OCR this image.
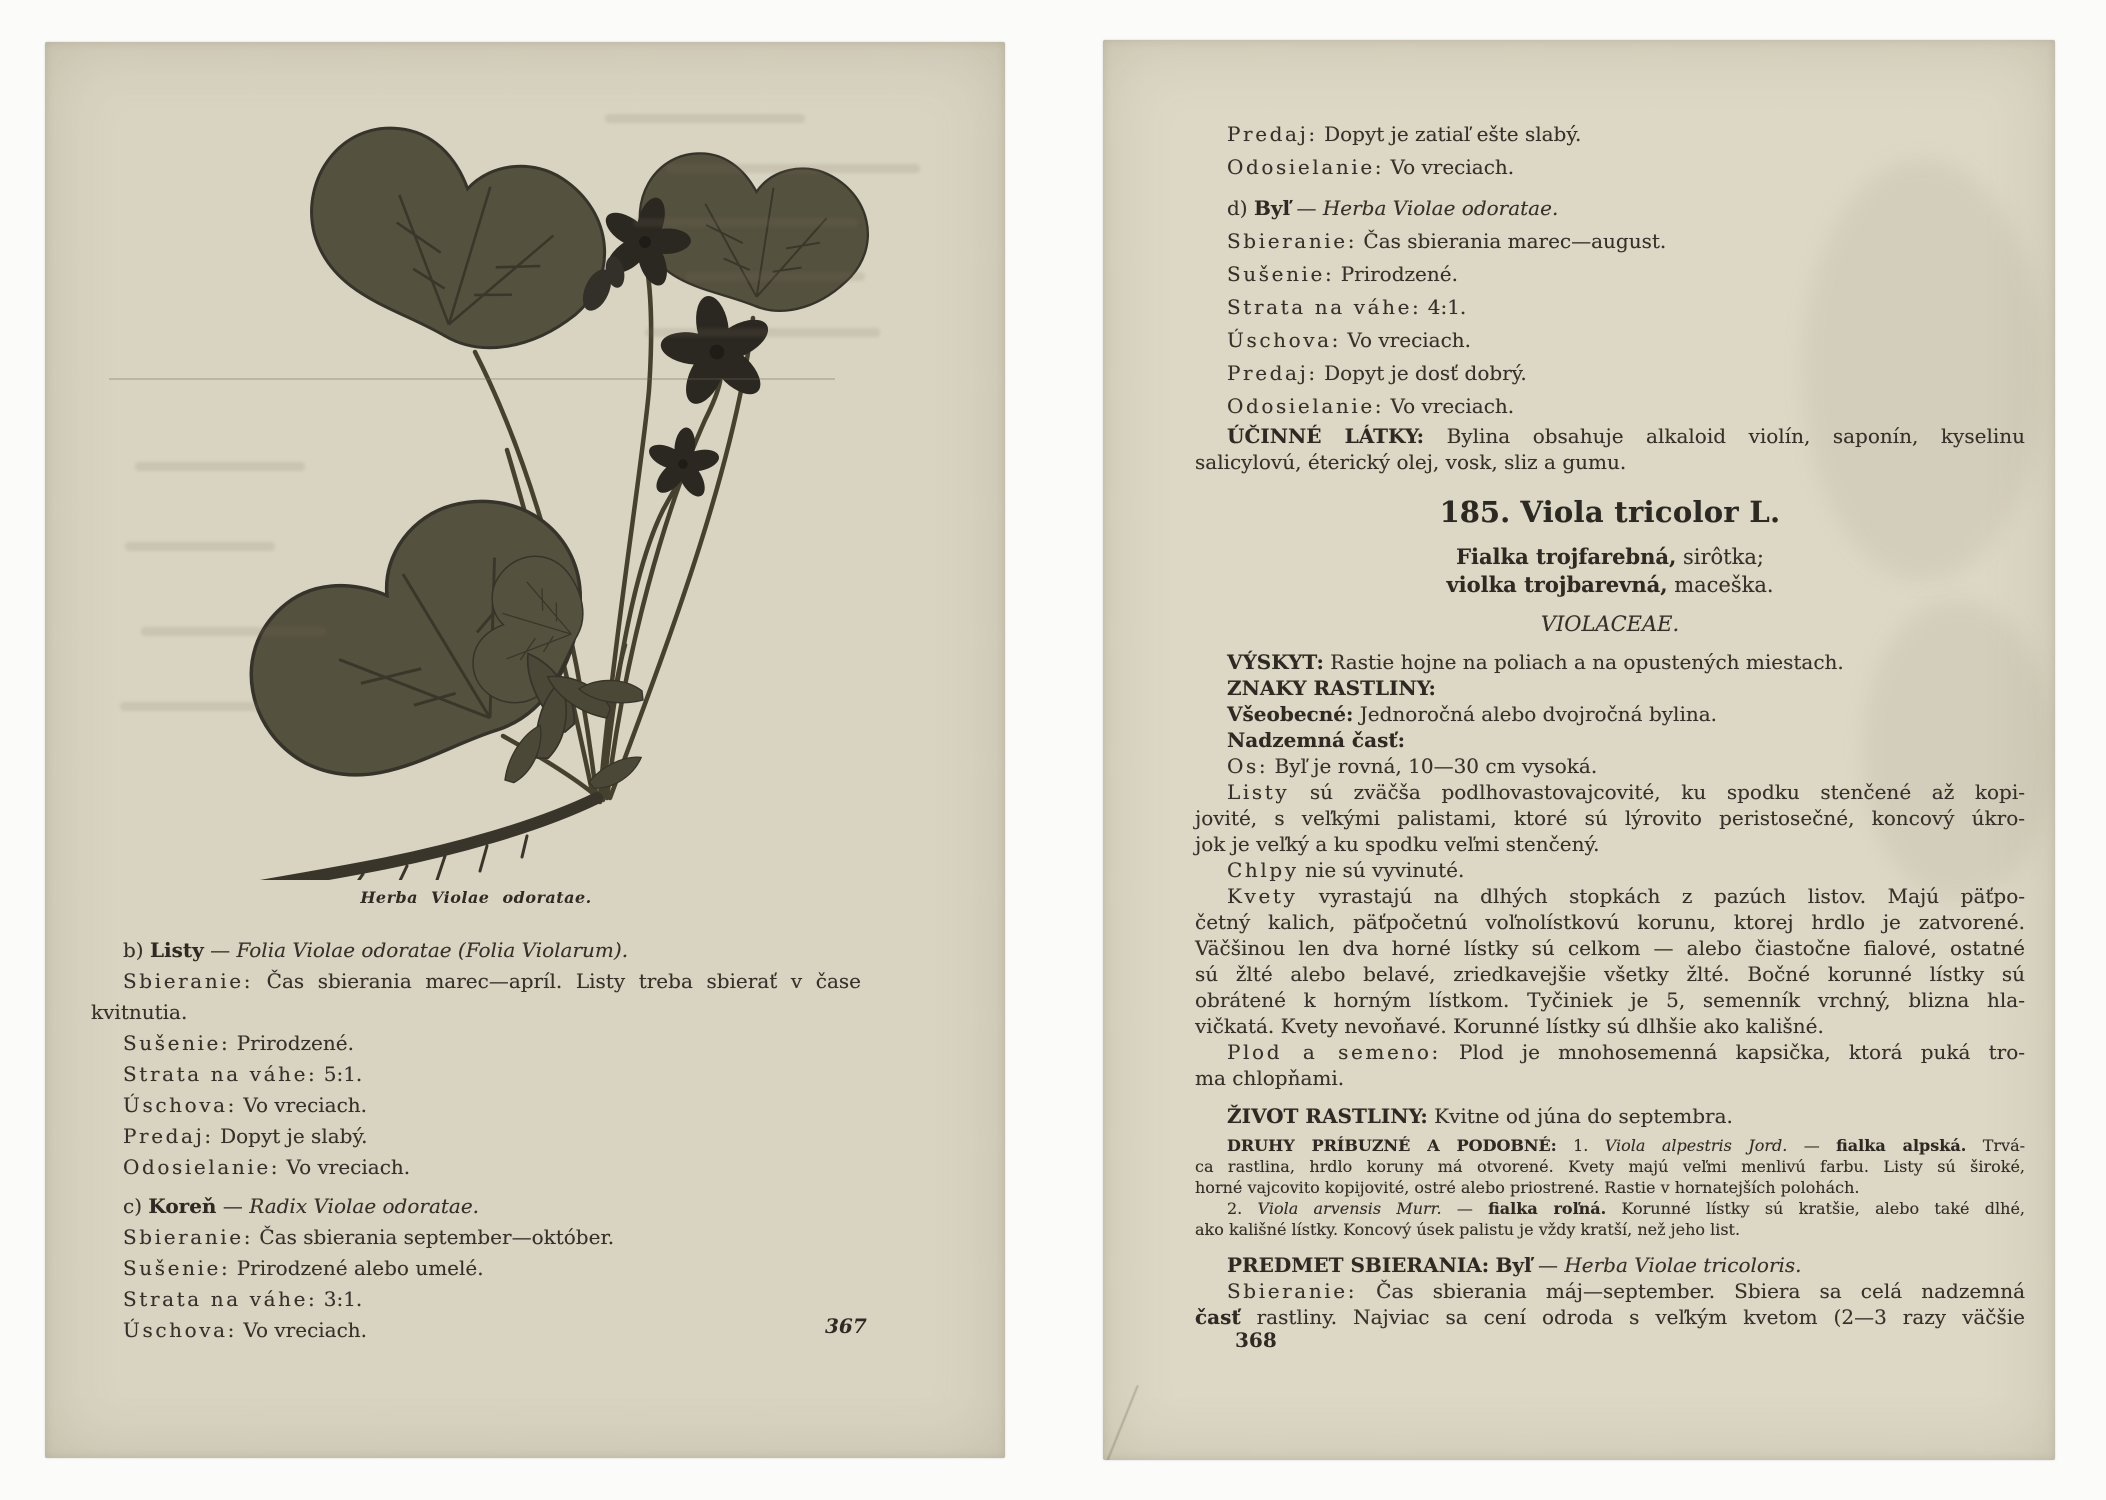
Herba Violae odoratae.
b) Listy — Folia Violae odoratae (Folia Violarum).
Sbieranie: Čas sbierania marec—apríl. Listy treba sbierať v čase
kvitnutia.
Sušenie: Prirodzené.
Strata na váhe: 5:1.
Úschova: Vo vreciach.
Predaj: Dopyt je slabý.
Odosielanie: Vo vreciach.
c) Koreň — Radix Violae odoratae.
Sbieranie: Čas sbierania september—október.
Sušenie: Prirodzené alebo umelé.
Strata na váhe: 3:1.
Úschova: Vo vreciach.	367
Predaj: Dopyt je zatiaľ ešte slabý.
Odosielanie: Vo vreciach.
d) Byľ — Herba Violae odoratae.
Sbieranie: Čas sbierania marec—august.
Sušenie: Prirodzené.
Strata na váhe: 4:1.
Úschova: Vo vreciach.
Predaj: Dopyt je dosť dobrý.
Odosielanie: Vo vreciach.
ÚČINNÉ LÁTKY: Bylina obsahuje alkaloid violín, saponín, kyselinu
salicylovú, éterický olej, vosk, sliz a gumu.
185. Viola tricolor L.
Fialka trojfarebná, sirôtka;
violka trojbarevná, maceška.
VIOLACEAE.
VÝSKYT: Rastie hojne na poliach a na opustených miestach.
ZNAKY RASTLINY:
Všeobecné: Jednoročná alebo dvojročná bylina.
Nadzemná časť:
Os: Byľ je rovná, 10—30 cm vysoká.
Listy sú zväčša podlhovastovajcovité, ku spodku stenčené až kopi-
jovité, s veľkými palistami, ktoré sú lýrovito peristosečné, koncový úkro-
jok je veľký a ku spodku veľmi stenčený.
Chlpy nie sú vyvinuté.
Kvety vyrastajú na dlhých stopkách z pazúch listov. Majú päťpo-
četný kalich, päťpočetnú voľnolístkovú korunu, ktorej hrdlo je zatvorené.
Väčšinou len dva horné lístky sú celkom — alebo čiastočne fialové, ostatné
sú žlté alebo belavé, zriedkavejšie všetky žlté. Bočné korunné lístky sú
obrátené k horným lístkom. Tyčiniek je 5, semenník vrchný, blizna hla-
vičkatá. Kvety nevoňavé. Korunné lístky sú dlhšie ako kališné.
Plod a semeno: Plod je mnohosemenná kapsička, ktorá puká tro-
ma chlopňami.
ŽIVOT RASTLINY: Kvitne od júna do septembra.
DRUHY PRÍBUZNÉ A PODOBNÉ: 1. Viola alpestris Jord. — fialka alpská. Trvá-
ca rastlina, hrdlo koruny má otvorené. Kvety majú veľmi menlivú farbu. Listy sú široké,
horné vajcovito kopijovité, ostré alebo priostrené. Rastie v hornatejších polohách.
2. Viola arvensis Murr. — fialka roľná. Korunné lístky sú kratšie, alebo také dlhé,
ako kališné lístky. Koncový úsek palistu je vždy kratší, než jeho list.
PREDMET SBIERANIA: Byľ — Herba Violae tricoloris.
Sbieranie: Čas sbierania máj—september. Sbiera sa celá nadzemná
časť rastliny. Najviac sa cení odroda s veľkým kvetom (2—3 razy väčšie
368
